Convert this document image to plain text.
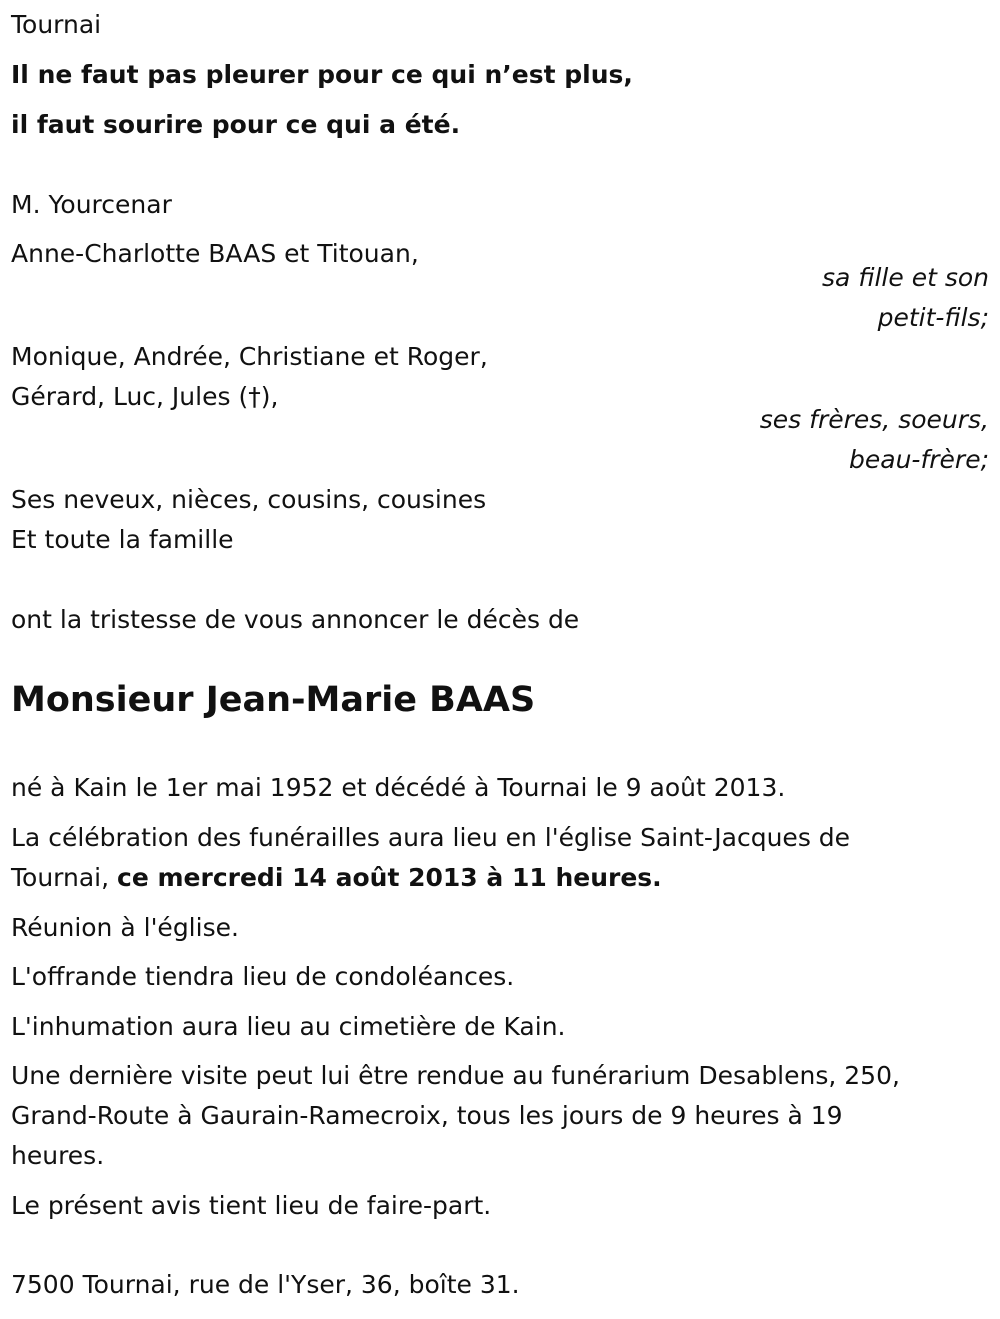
Tournai
Il ne faut pas pleurer pour ce qui n’est plus,
il faut sourire pour ce qui a été.
M. Yourcenar
Anne-Charlotte BAAS et Titouan,
sa fille et son
petit-fils;
Monique, Andrée, Christiane et Roger,
Gérard, Luc, Jules (†),
ses frères, soeurs,
beau-frère;
Ses neveux, nièces, cousins, cousines
Et toute la famille
ont la tristesse de vous annoncer le décès de
Monsieur Jean-Marie BAAS
né à Kain le 1er mai 1952 et décédé à Tournai le 9 août 2013.
La célébration des funérailles aura lieu en l'église Saint-Jacques de
Tournai, ce mercredi 14 août 2013 à 11 heures.
Réunion à l'église.
L'offrande tiendra lieu de condoléances.
L'inhumation aura lieu au cimetière de Kain.
Une dernière visite peut lui être rendue au funérarium Desablens, 250,
Grand-Route à Gaurain-Ramecroix, tous les jours de 9 heures à 19
heures.
Le présent avis tient lieu de faire-part.
7500 Tournai, rue de l'Yser, 36, boîte 31.
